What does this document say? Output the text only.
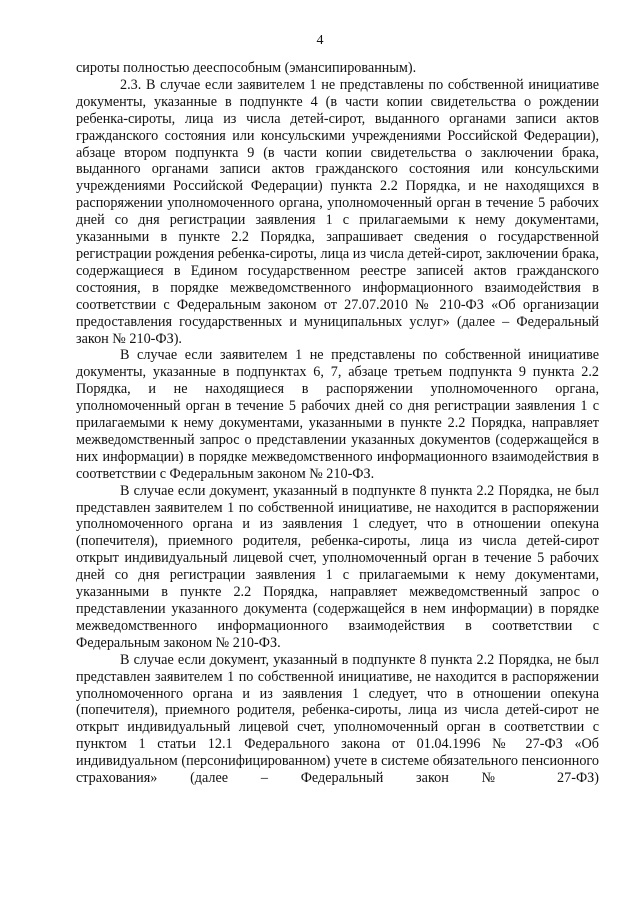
4

сироты полностью дееспособным (эмансипированным).

2.3. В случае если заявителем 1 не представлены по собственной инициативе документы, указанные в подпункте 4 (в части копии свидетельства о рождении ребенка-сироты, лица из числа детей-сирот, выданного органами записи актов гражданского состояния или консульскими учреждениями Российской Федерации), абзаце втором подпункта 9 (в части копии свидетельства о заключении брака, выданного органами записи актов гражданского состояния или консульскими учреждениями Российской Федерации) пункта 2.2 Порядка, и не находящихся в распоряжении уполномоченного органа, уполномоченный орган в течение 5 рабочих дней со дня регистрации заявления 1 с прилагаемыми к нему документами, указанными в пункте 2.2 Порядка, запрашивает сведения о государственной регистрации рождения ребенка-сироты, лица из числа детей-сирот, заключении брака, содержащиеся в Едином государственном реестре записей актов гражданского состояния, в порядке межведомственного информационного взаимодействия в соответствии с Федеральным законом от 27.07.2010 № 210-ФЗ «Об организации предоставления государственных и муниципальных услуг» (далее – Федеральный закон № 210-ФЗ).

В случае если заявителем 1 не представлены по собственной инициативе документы, указанные в подпунктах 6, 7, абзаце третьем подпункта 9 пункта 2.2 Порядка, и не находящиеся в распоряжении уполномоченного органа, уполномоченный орган в течение 5 рабочих дней со дня регистрации заявления 1 с прилагаемыми к нему документами, указанными в пункте 2.2 Порядка, направляет межведомственный запрос о представлении указанных документов (содержащейся в них информации) в порядке межведомственного информационного взаимодействия в соответствии с Федеральным законом № 210-ФЗ.

В случае если документ, указанный в подпункте 8 пункта 2.2 Порядка, не был представлен заявителем 1 по собственной инициативе, не находится в распоряжении уполномоченного органа и из заявления 1 следует, что в отношении опекуна (попечителя), приемного родителя, ребенка-сироты, лица из числа детей-сирот открыт индивидуальный лицевой счет, уполномоченный орган в течение 5 рабочих дней со дня регистрации заявления 1 с прилагаемыми к нему документами, указанными в пункте 2.2 Порядка, направляет межведомственный запрос о представлении указанного документа (содержащейся в нем информации) в порядке межведомственного информационного взаимодействия в соответствии с Федеральным законом № 210-ФЗ.

В случае если документ, указанный в подпункте 8 пункта 2.2 Порядка, не был представлен заявителем 1 по собственной инициативе, не находится в распоряжении уполномоченного органа и из заявления 1 следует, что в отношении опекуна (попечителя), приемного родителя, ребенка-сироты, лица из числа детей-сирот не открыт индивидуальный лицевой счет, уполномоченный орган в соответствии с пунктом 1 статьи 12.1 Федерального закона от 01.04.1996 № 27-ФЗ «Об индивидуальном (персонифицированном) учете в системе обязательного пенсионного страхования» (далее – Федеральный закон № 27-ФЗ)
